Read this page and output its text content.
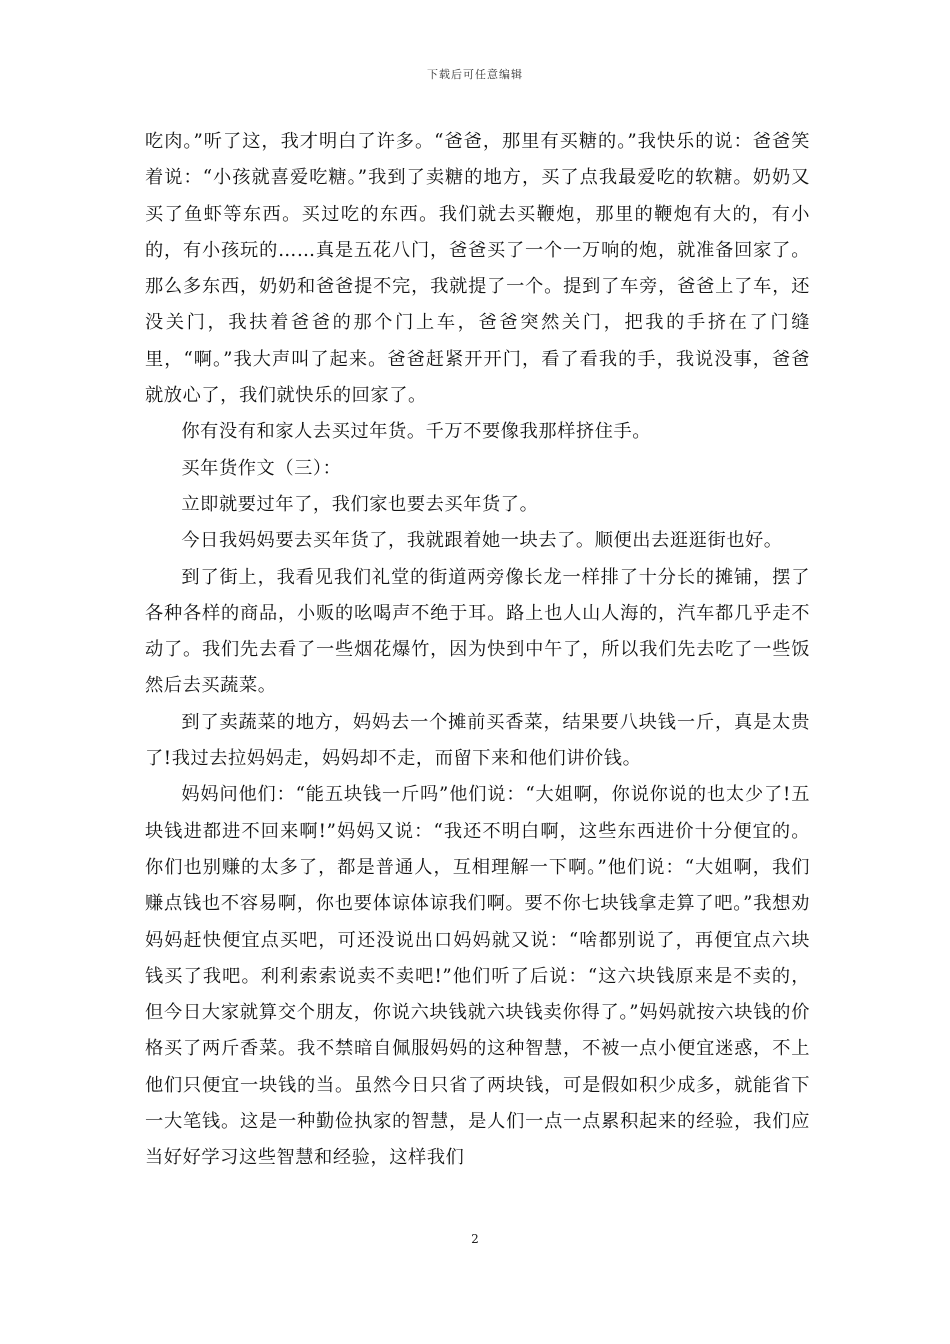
下载后可任意编辑

吃肉。”听了这，我才明白了许多。“爸爸，那里有买糖的。”我快乐的说：爸爸笑着说：“小孩就喜爱吃糖。”我到了卖糖的地方，买了点我最爱吃的软糖。奶奶又买了鱼虾等东西。买过吃的东西。我们就去买鞭炮，那里的鞭炮有大的，有小的，有小孩玩的……真是五花八门，爸爸买了一个一万响的炮，就准备回家了。那么多东西，奶奶和爸爸提不完，我就提了一个。提到了车旁，爸爸上了车，还没关门，我扶着爸爸的那个门上车，爸爸突然关门，把我的手挤在了门缝里，“啊。”我大声叫了起来。爸爸赶紧开开门，看了看我的手，我说没事，爸爸就放心了，我们就快乐的回家了。

你有没有和家人去买过年货。千万不要像我那样挤住手。

买年货作文（三）：

立即就要过年了，我们家也要去买年货了。

今日我妈妈要去买年货了，我就跟着她一块去了。顺便出去逛逛街也好。

到了街上，我看见我们礼堂的街道两旁像长龙一样排了十分长的摊铺，摆了各种各样的商品，小贩的吆喝声不绝于耳。路上也人山人海的，汽车都几乎走不动了。我们先去看了一些烟花爆竹，因为快到中午了，所以我们先去吃了一些饭然后去买蔬菜。

到了卖蔬菜的地方，妈妈去一个摊前买香菜，结果要八块钱一斤，真是太贵了!我过去拉妈妈走，妈妈却不走，而留下来和他们讲价钱。

妈妈问他们：“能五块钱一斤吗”他们说：“大姐啊，你说你说的也太少了!五块钱进都进不回来啊!”妈妈又说：“我还不明白啊，这些东西进价十分便宜的。你们也别赚的太多了，都是普通人，互相理解一下啊。”他们说：“大姐啊，我们赚点钱也不容易啊，你也要体谅体谅我们啊。要不你七块钱拿走算了吧。”我想劝妈妈赶快便宜点买吧，可还没说出口妈妈就又说：“啥都别说了，再便宜点六块钱买了我吧。利利索索说卖不卖吧!”他们听了后说：“这六块钱原来是不卖的，但今日大家就算交个朋友，你说六块钱就六块钱卖你得了。”妈妈就按六块钱的价格买了两斤香菜。我不禁暗自佩服妈妈的这种智慧，不被一点小便宜迷惑，不上他们只便宜一块钱的当。虽然今日只省了两块钱，可是假如积少成多，就能省下一大笔钱。这是一种勤俭执家的智慧，是人们一点一点累积起来的经验，我们应当好好学习这些智慧和经验，这样我们

2
